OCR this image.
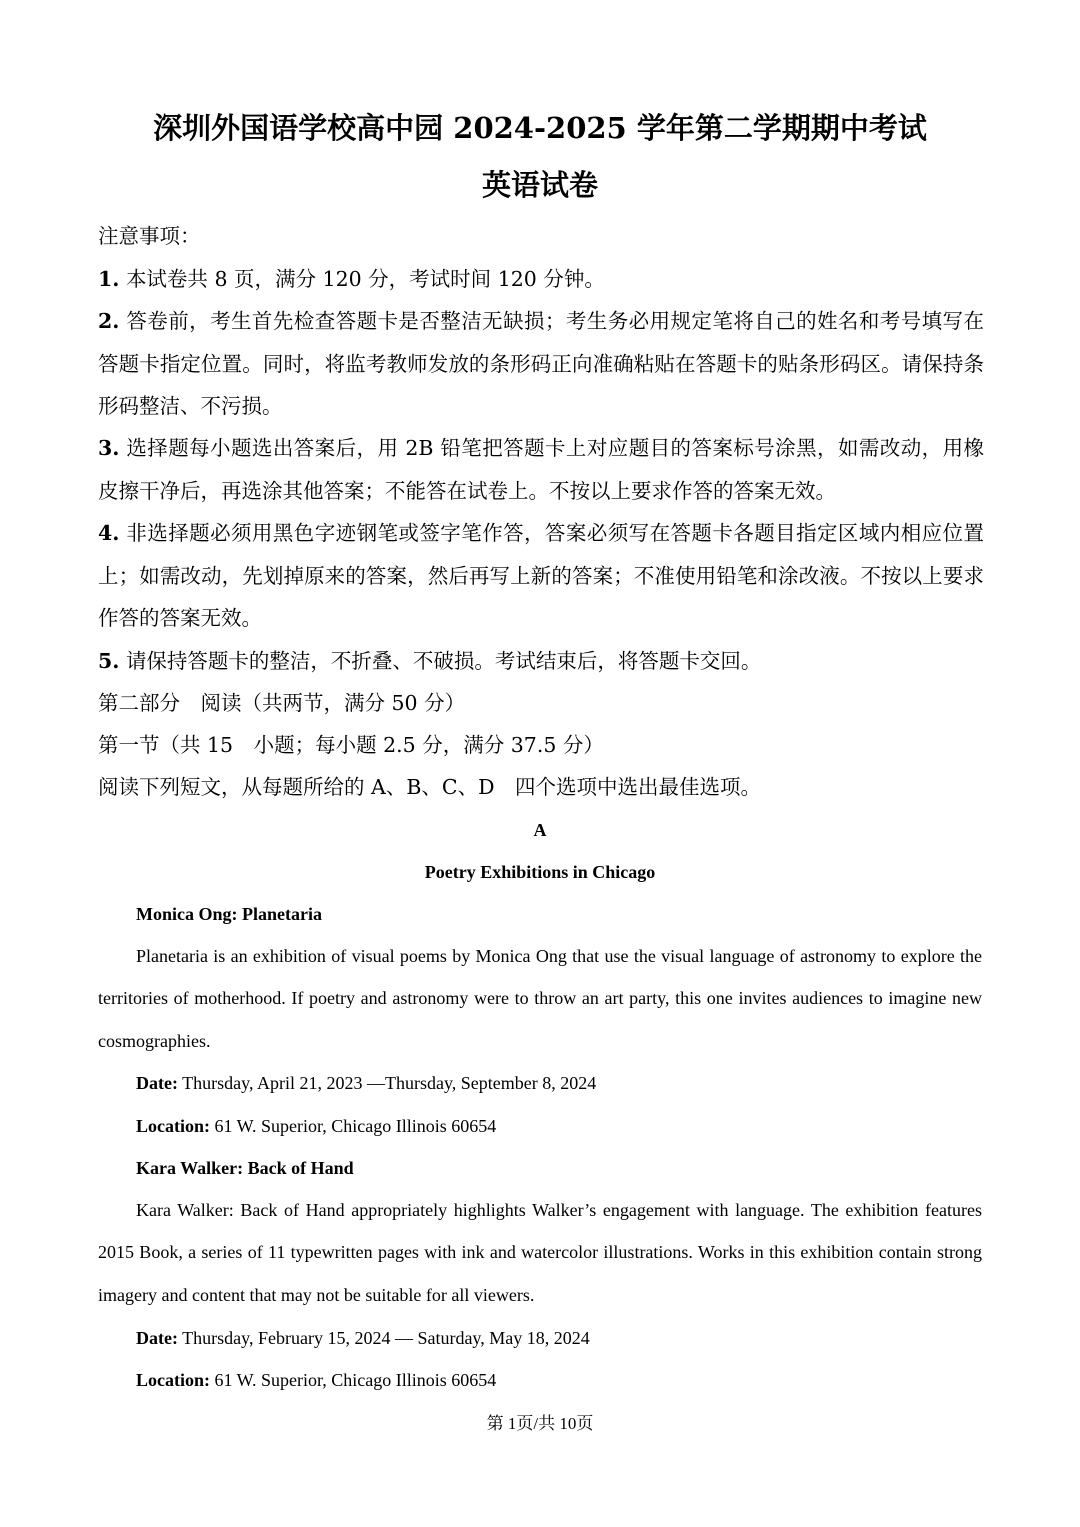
深圳外国语学校高中园 2024-2025 学年第二学期期中考试
英语试卷
注意事项：
1. 本试卷共 8 页，满分 120 分，考试时间 120 分钟。
2. 答卷前，考生首先检查答题卡是否整洁无缺损；考生务必用规定笔将自己的姓名和考号填写在答题卡指定位置。同时，将监考教师发放的条形码正向准确粘贴在答题卡的贴条形码区。请保持条形码整洁、不污损。
3. 选择题每小题选出答案后，用 2B 铅笔把答题卡上对应题目的答案标号涂黑，如需改动，用橡皮擦干净后，再选涂其他答案；不能答在试卷上。不按以上要求作答的答案无效。
4. 非选择题必须用黑色字迹钢笔或签字笔作答，答案必须写在答题卡各题目指定区域内相应位置上；如需改动，先划掉原来的答案，然后再写上新的答案；不准使用铅笔和涂改液。不按以上要求作答的答案无效。
5. 请保持答题卡的整洁，不折叠、不破损。考试结束后，将答题卡交回。
第二部分　阅读（共两节，满分 50 分）
第一节（共 15　小题；每小题 2.5 分，满分 37.5 分）
阅读下列短文，从每题所给的 A、B、C、D　四个选项中选出最佳选项。
A
Poetry Exhibitions in Chicago
Monica Ong: Planetaria
Planetaria is an exhibition of visual poems by Monica Ong that use the visual language of astronomy to explore the territories of motherhood. If poetry and astronomy were to throw an art party, this one invites audiences to imagine new cosmographies.
Date: Thursday, April 21, 2023 —Thursday, September 8, 2024
Location: 61 W. Superior, Chicago Illinois 60654
Kara Walker: Back of Hand
Kara Walker: Back of Hand appropriately highlights Walker’s engagement with language. The exhibition features 2015 Book, a series of 11 typewritten pages with ink and watercolor illustrations. Works in this exhibition contain strong imagery and content that may not be suitable for all viewers.
Date: Thursday, February 15, 2024 — Saturday, May 18, 2024
Location: 61 W. Superior, Chicago Illinois 60654
第 1页/共 10页
